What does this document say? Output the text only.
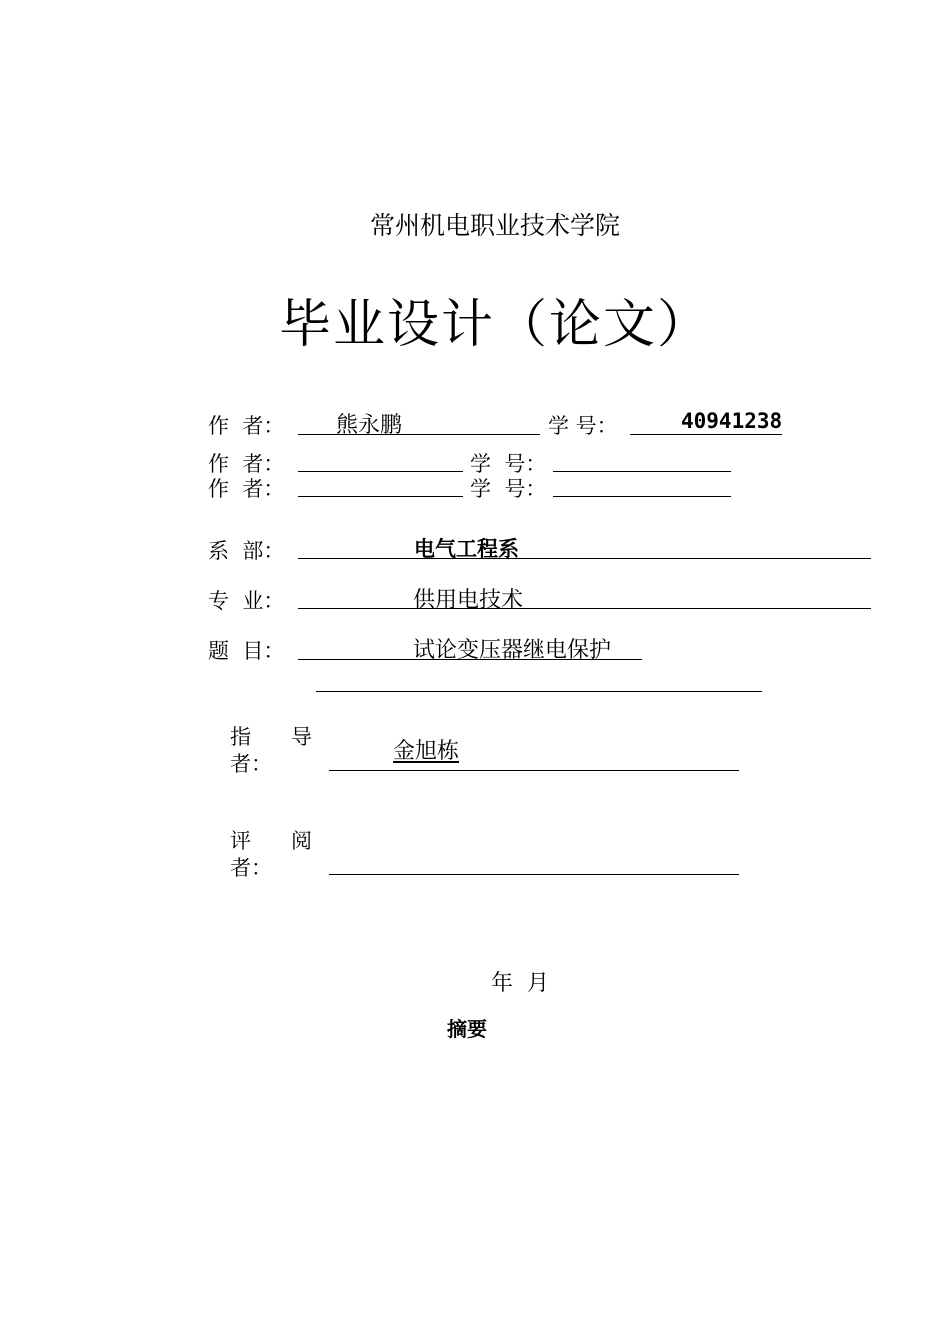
常州机电职业技术学院
毕业设计（论文）
作  者： 熊永鹏	学 号：	40941238
作  者：	学  号：
作  者：	学  号：
系  部：	电气工程系
专  业：	供用电技术
题  目：	试论变压器继电保护
指      导
者：	金旭栋
评      阅
者：
年  月
摘要
